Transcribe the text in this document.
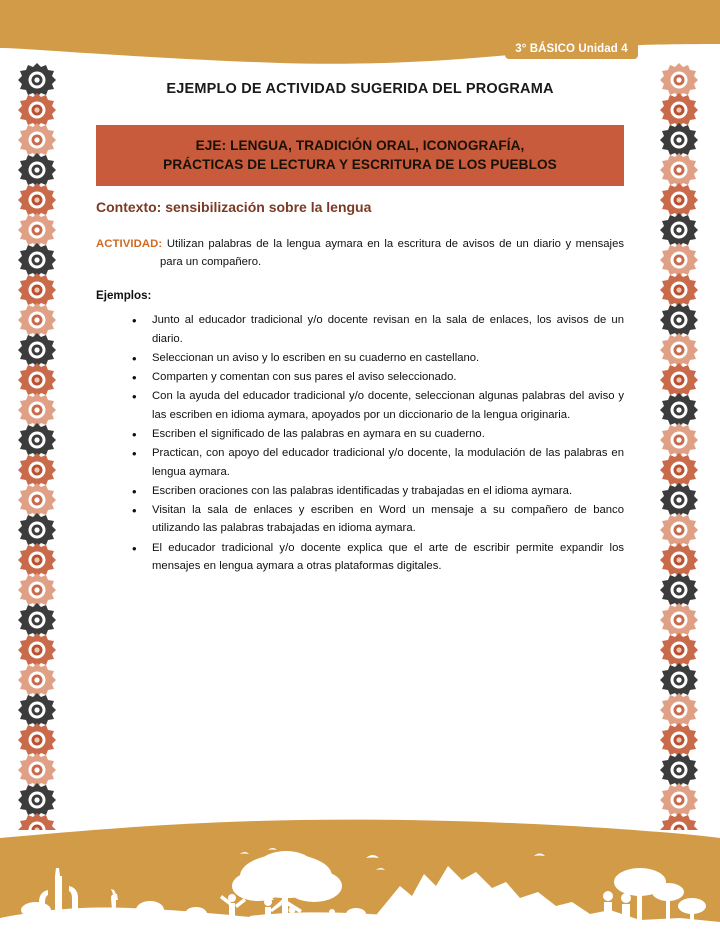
3° BÁSICO Unidad 4
EJEMPLO DE ACTIVIDAD SUGERIDA DEL PROGRAMA
EJE: LENGUA, TRADICIÓN ORAL, ICONOGRAFÍA,
PRÁCTICAS DE LECTURA Y ESCRITURA DE LOS PUEBLOS
Contexto: sensibilización sobre la lengua
ACTIVIDAD: Utilizan palabras de la lengua aymara en la escritura de avisos de un diario y mensajes para un compañero.
Ejemplos:
• Junto al educador tradicional y/o docente revisan en la sala de enlaces, los avisos de un diario.
• Seleccionan un aviso y lo escriben en su cuaderno en castellano.
• Comparten y comentan con sus pares el aviso seleccionado.
• Con la ayuda del educador tradicional y/o docente, seleccionan algunas palabras del aviso y las escriben en idioma aymara, apoyados por un diccionario de la lengua originaria.
• Escriben el significado de las palabras en aymara en su cuaderno.
• Practican, con apoyo del educador tradicional y/o docente, la modulación de las palabras en lengua aymara.
• Escriben oraciones con las palabras identificadas y trabajadas en el idioma aymara.
• Visitan la sala de enlaces y escriben en Word un mensaje a su compañero de banco utilizando las palabras trabajadas en idioma aymara.
• El educador tradicional y/o docente explica que el arte de escribir permite expandir los mensajes en lengua aymara a otras plataformas digitales.
